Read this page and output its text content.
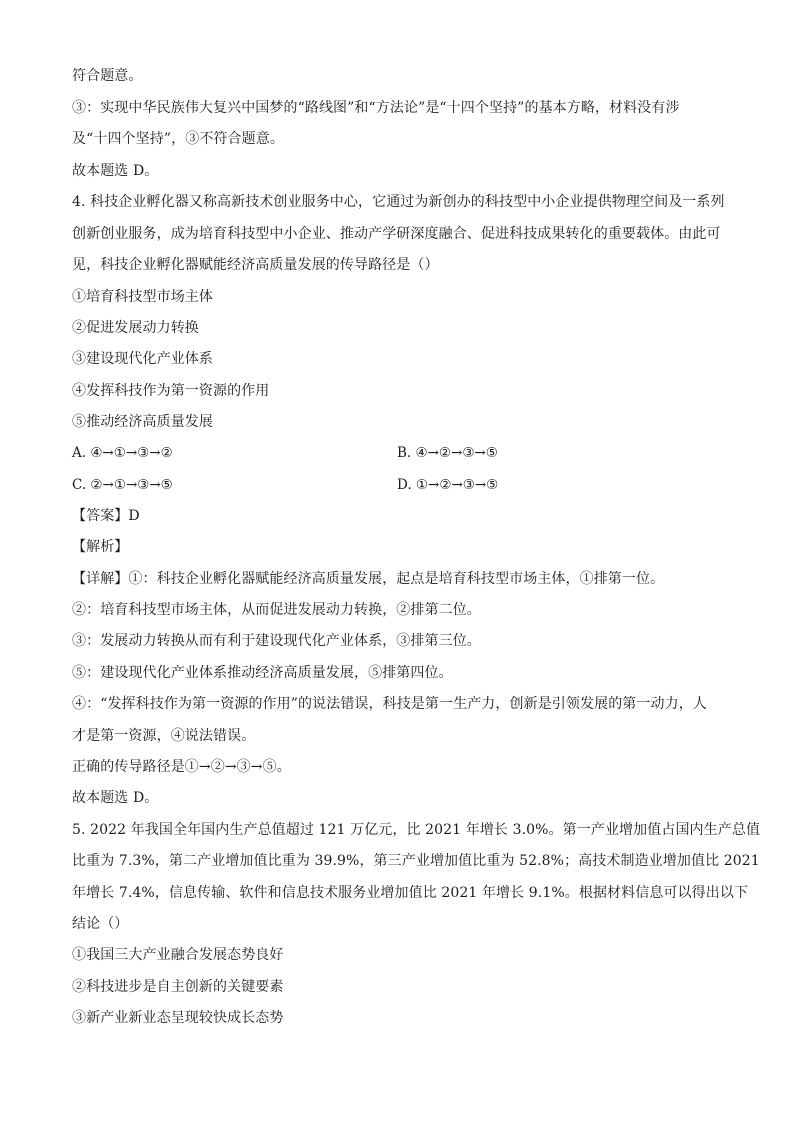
符合题意。
③：实现中华民族伟大复兴中国梦的“路线图”和“方法论”是“十四个坚持”的基本方略，材料没有涉
及“十四个坚持”，③不符合题意。
故本题选 D。
4. 科技企业孵化器又称高新技术创业服务中心，它通过为新创办的科技型中小企业提供物理空间及一系列
创新创业服务，成为培育科技型中小企业、推动产学研深度融合、促进科技成果转化的重要载体。由此可
见，科技企业孵化器赋能经济高质量发展的传导路径是（）
①培育科技型市场主体
②促进发展动力转换
③建设现代化产业体系
④发挥科技作为第一资源的作用
⑤推动经济高质量发展
A. ④→①→③→②	B. ④→②→③→⑤
C. ②→①→③→⑤	D. ①→②→③→⑤
【答案】D
【解析】
【详解】①：科技企业孵化器赋能经济高质量发展，起点是培育科技型市场主体，①排第一位。
②：培育科技型市场主体，从而促进发展动力转换，②排第二位。
③：发展动力转换从而有利于建设现代化产业体系，③排第三位。
⑤：建设现代化产业体系推动经济高质量发展，⑤排第四位。
④：“发挥科技作为第一资源的作用”的说法错误，科技是第一生产力，创新是引领发展的第一动力，人
才是第一资源，④说法错误。
正确的传导路径是①→②→③→⑤。
故本题选 D。
5. 2022 年我国全年国内生产总值超过 121 万亿元，比 2021 年增长 3.0%。第一产业增加值占国内生产总值
比重为 7.3%，第二产业增加值比重为 39.9%，第三产业增加值比重为 52.8%；高技术制造业增加值比 2021
年增长 7.4%，信息传输、软件和信息技术服务业增加值比 2021 年增长 9.1%。根据材料信息可以得出以下
结论（）
①我国三大产业融合发展态势良好
②科技进步是自主创新的关键要素
③新产业新业态呈现较快成长态势
